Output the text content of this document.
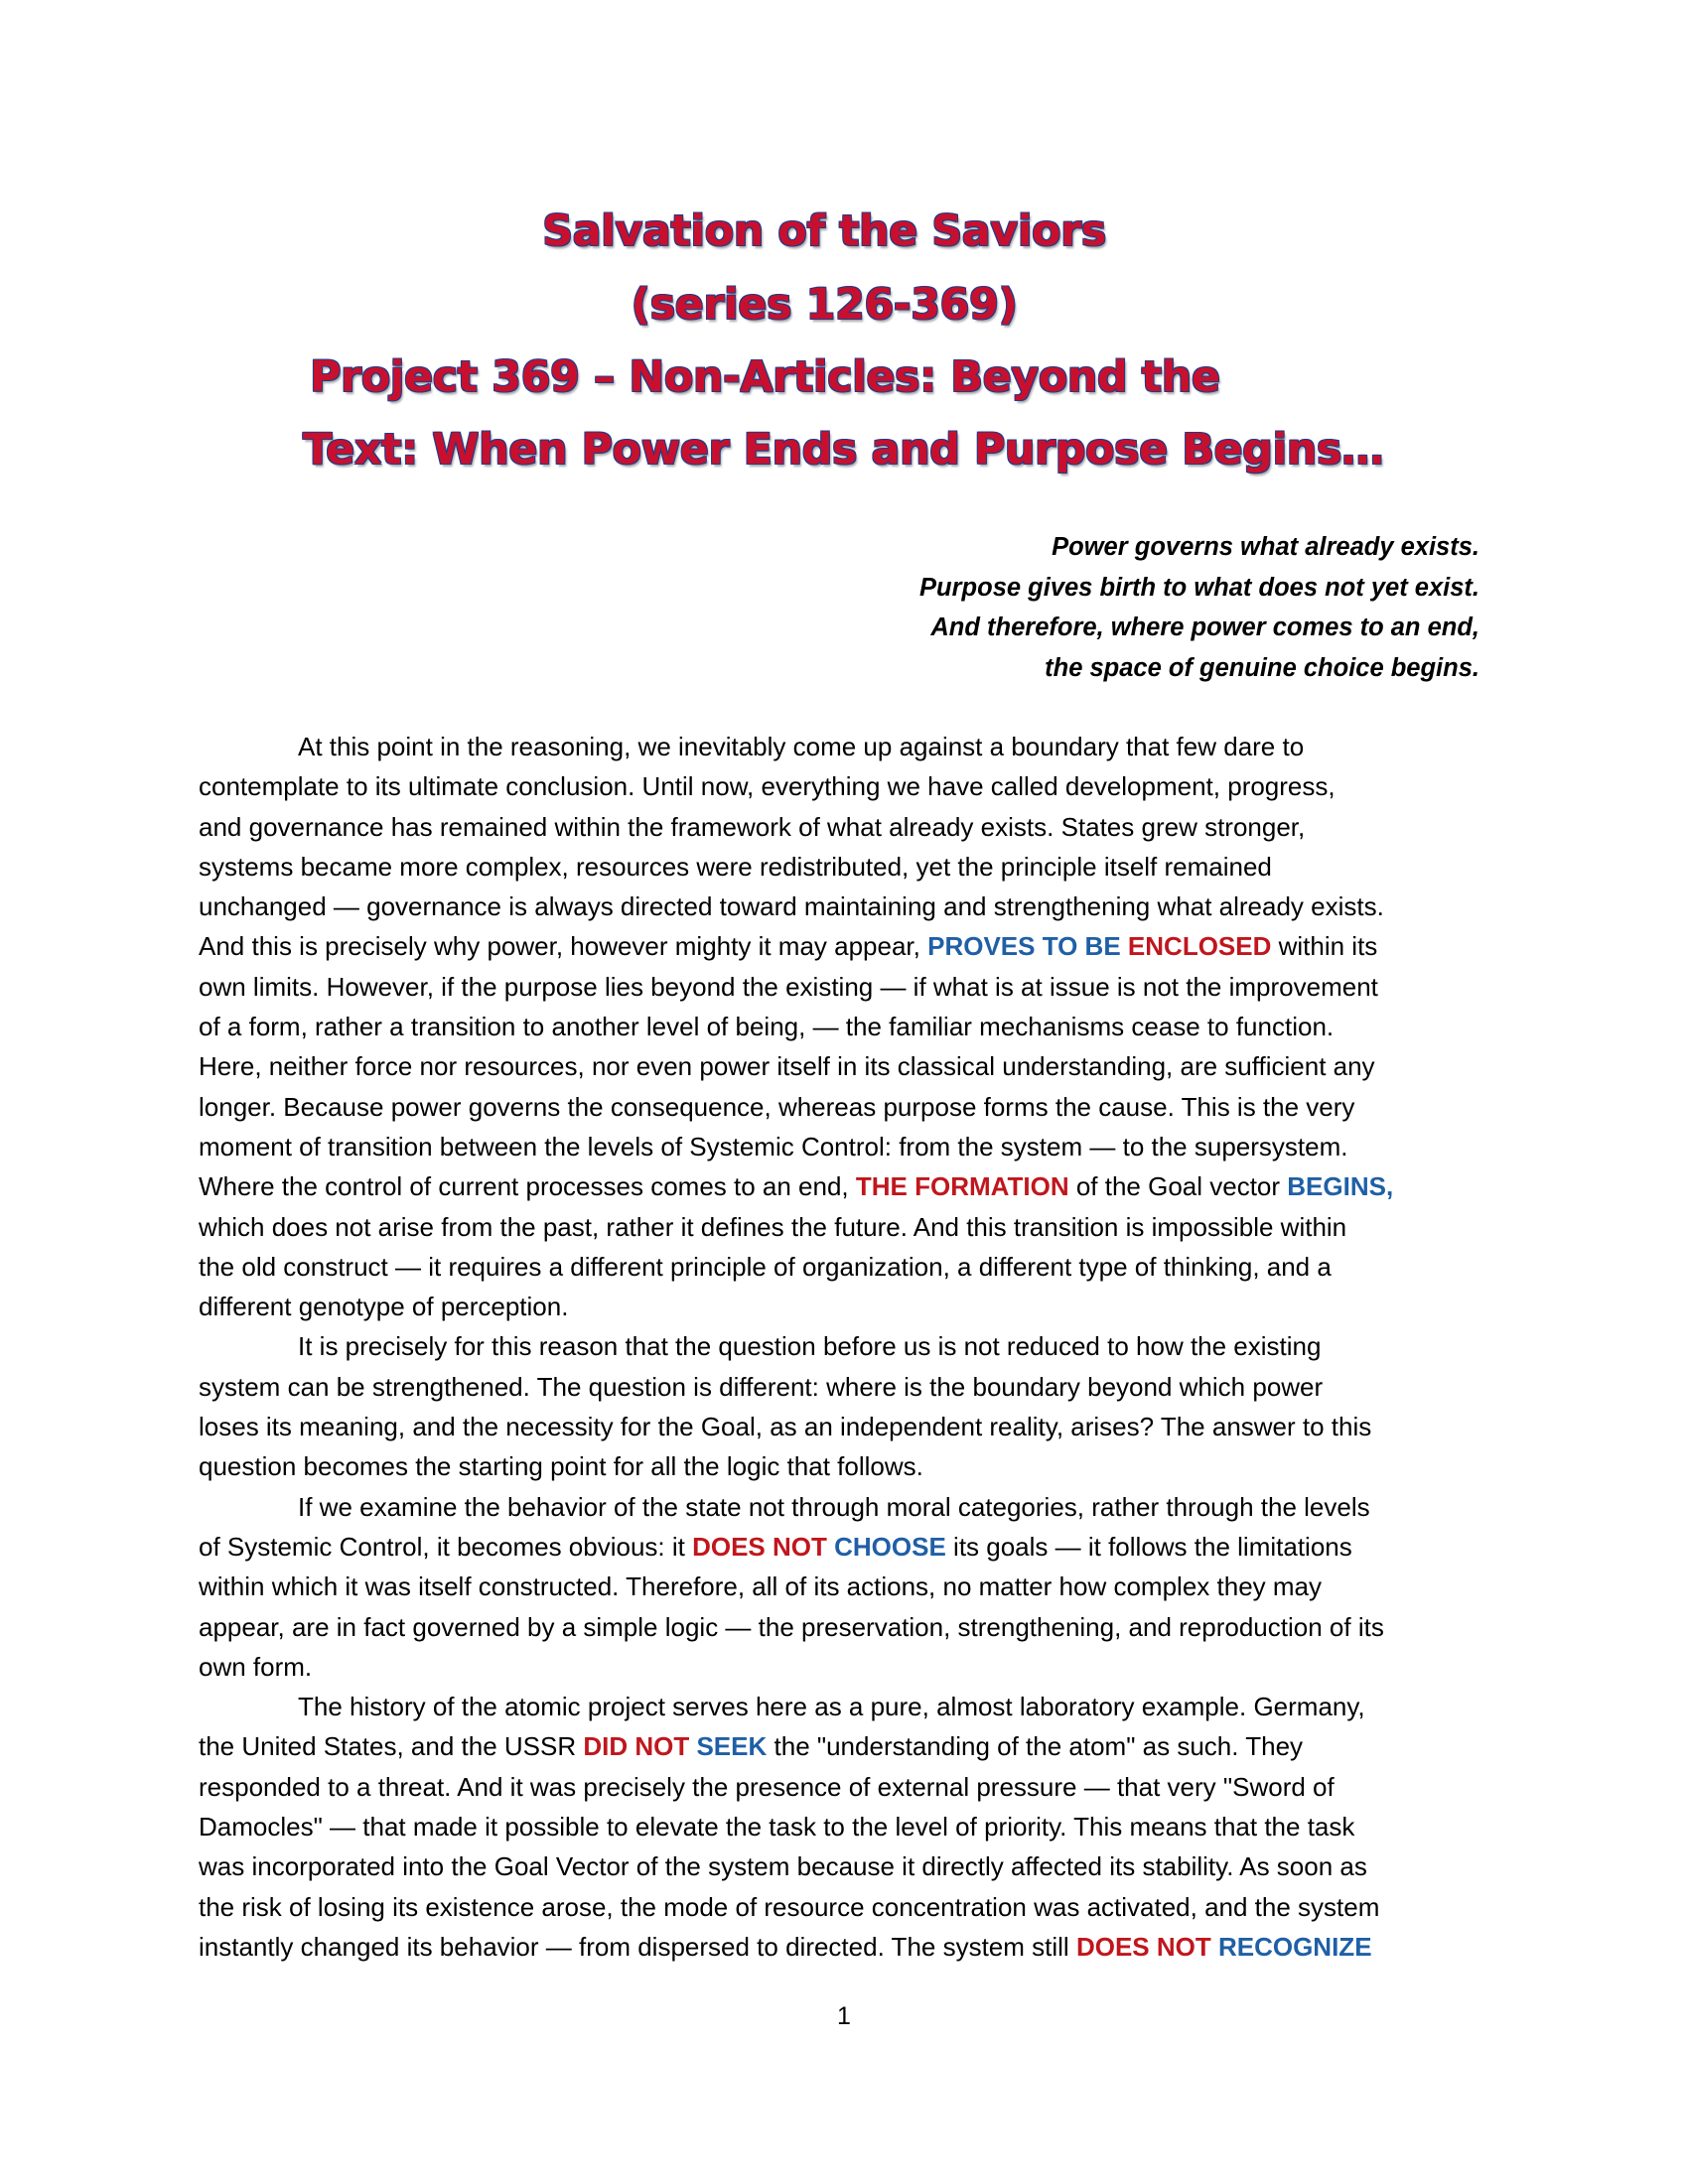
Salvation of the Saviors
(series 126-369)
Project 369 – Non-Articles: Beyond the
Text: When Power Ends and Purpose Begins…
Power governs what already exists.
Purpose gives birth to what does not yet exist.
And therefore, where power comes to an end,
the space of genuine choice begins.
At this point in the reasoning, we inevitably come up against a boundary that few dare to
contemplate to its ultimate conclusion. Until now, everything we have called development, progress,
and governance has remained within the framework of what already exists. States grew stronger,
systems became more complex, resources were redistributed, yet the principle itself remained
unchanged — governance is always directed toward maintaining and strengthening what already exists.
And this is precisely why power, however mighty it may appear, PROVES TO BE ENCLOSED within its
own limits. However, if the purpose lies beyond the existing — if what is at issue is not the improvement
of a form, rather a transition to another level of being, — the familiar mechanisms cease to function.
Here, neither force nor resources, nor even power itself in its classical understanding, are sufficient any
longer. Because power governs the consequence, whereas purpose forms the cause. This is the very
moment of transition between the levels of Systemic Control: from the system — to the supersystem.
Where the control of current processes comes to an end, THE FORMATION of the Goal vector BEGINS,
which does not arise from the past, rather it defines the future. And this transition is impossible within
the old construct — it requires a different principle of organization, a different type of thinking, and a
different genotype of perception.
It is precisely for this reason that the question before us is not reduced to how the existing
system can be strengthened. The question is different: where is the boundary beyond which power
loses its meaning, and the necessity for the Goal, as an independent reality, arises? The answer to this
question becomes the starting point for all the logic that follows.
If we examine the behavior of the state not through moral categories, rather through the levels
of Systemic Control, it becomes obvious: it DOES NOT CHOOSE its goals — it follows the limitations
within which it was itself constructed. Therefore, all of its actions, no matter how complex they may
appear, are in fact governed by a simple logic — the preservation, strengthening, and reproduction of its
own form.
The history of the atomic project serves here as a pure, almost laboratory example. Germany,
the United States, and the USSR DID NOT SEEK the "understanding of the atom" as such. They
responded to a threat. And it was precisely the presence of external pressure — that very "Sword of
Damocles" — that made it possible to elevate the task to the level of priority. This means that the task
was incorporated into the Goal Vector of the system because it directly affected its stability. As soon as
the risk of losing its existence arose, the mode of resource concentration was activated, and the system
instantly changed its behavior — from dispersed to directed. The system still DOES NOT RECOGNIZE
1
